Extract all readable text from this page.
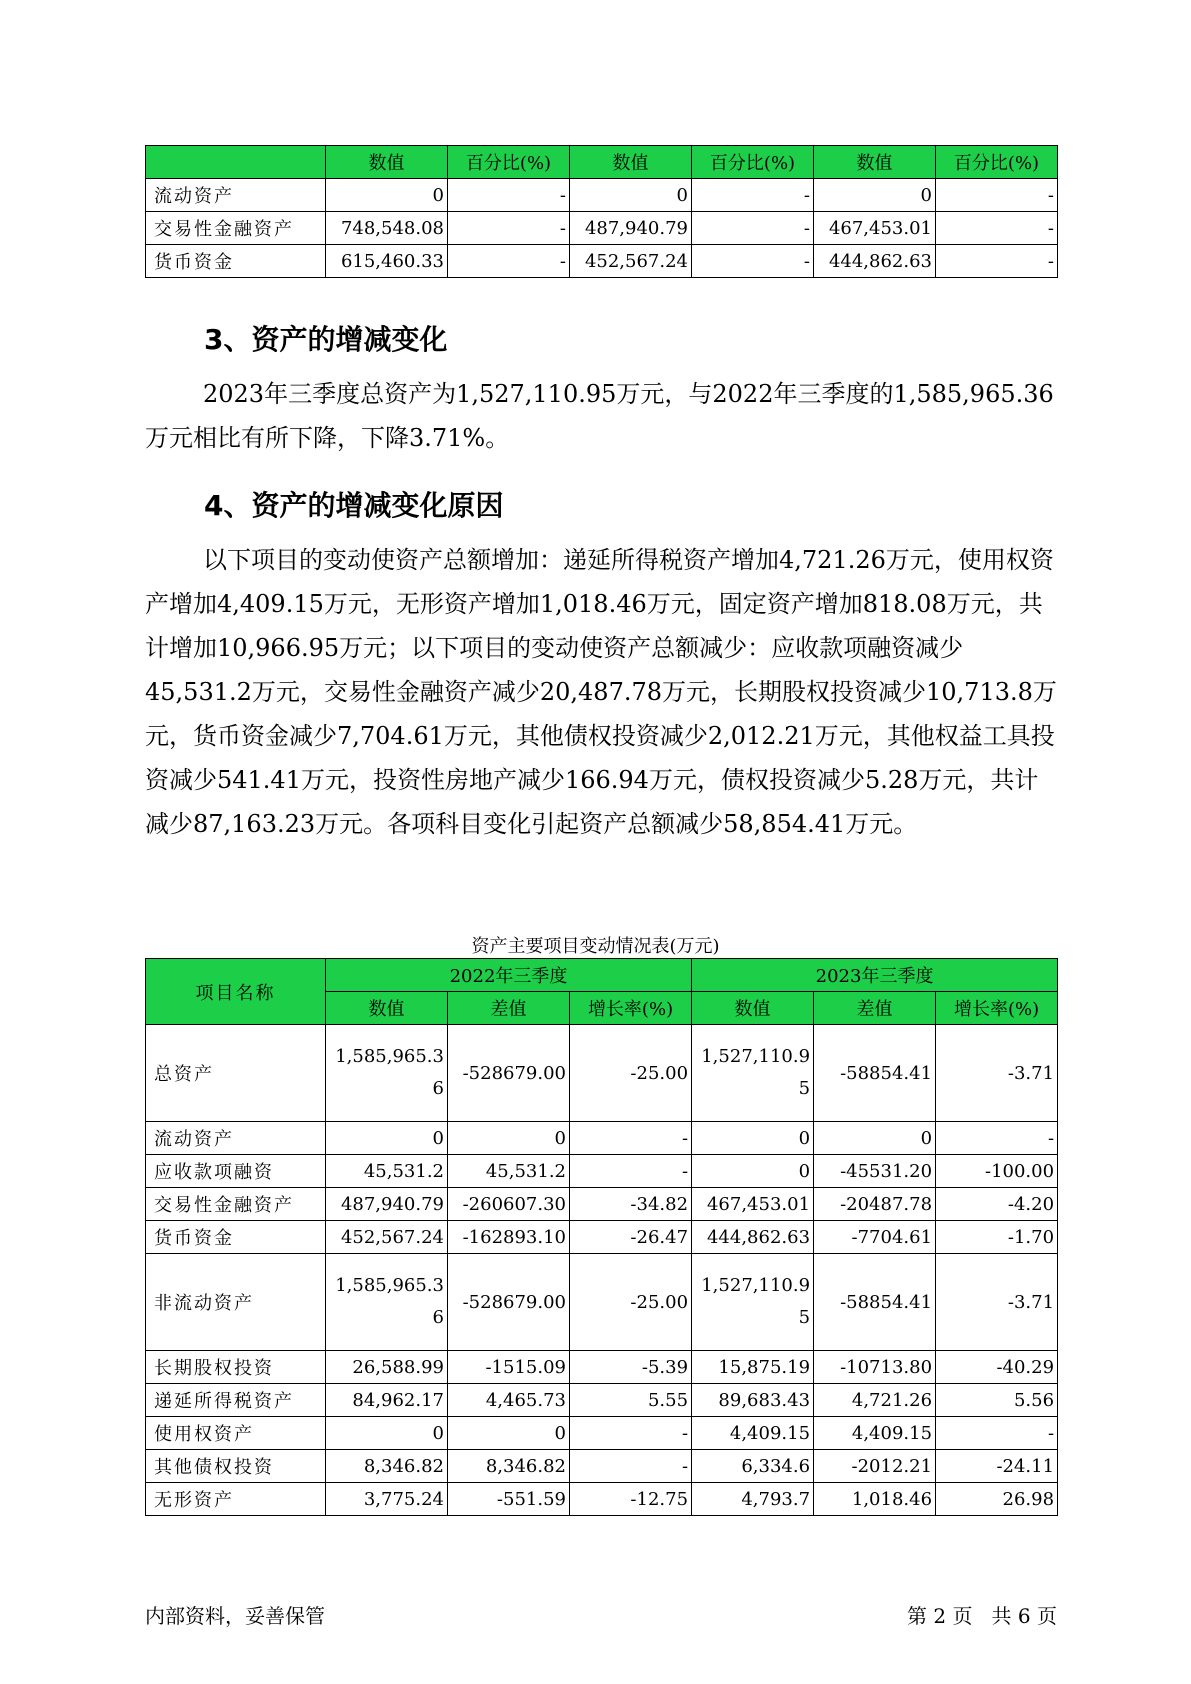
	数值	百分比(%)	数值	百分比(%)	数值	百分比(%)
流动资产	0	-	0	-	0	-
交易性金融资产	748,548.08	-	487,940.79	-	467,453.01	-
货币资金	615,460.33	-	452,567.24	-	444,862.63	-
3、资产的增减变化

2023年三季度总资产为1,527,110.95万元，与2022年三季度的1,585,965.36万元相比有所下降，下降3.71%。

4、资产的增减变化原因

以下项目的变动使资产总额增加：递延所得税资产增加4,721.26万元，使用权资产增加4,409.15万元，无形资产增加1,018.46万元，固定资产增加818.08万元，共计增加10,966.95万元；以下项目的变动使资产总额减少：应收款项融资减少45,531.2万元，交易性金融资产减少20,487.78万元，长期股权投资减少10,713.8万元，货币资金减少7,704.61万元，其他债权投资减少2,012.21万元，其他权益工具投资减少541.41万元，投资性房地产减少166.94万元，债权投资减少5.28万元，共计减少87,163.23万元。各项科目变化引起资产总额减少58,854.41万元。

资产主要项目变动情况表(万元)
项目名称	2022年三季度			2023年三季度		
	数值	差值	增长率(%)	数值	差值	增长率(%)
总资产	1,585,965.36	-528679.00	-25.00	1,527,110.95	-58854.41	-3.71
流动资产	0	0	-	0	0	-
应收款项融资	45,531.2	45,531.2	-	0	-45531.20	-100.00
交易性金融资产	487,940.79	-260607.30	-34.82	467,453.01	-20487.78	-4.20
货币资金	452,567.24	-162893.10	-26.47	444,862.63	-7704.61	-1.70
非流动资产	1,585,965.36	-528679.00	-25.00	1,527,110.95	-58854.41	-3.71
长期股权投资	26,588.99	-1515.09	-5.39	15,875.19	-10713.80	-40.29
递延所得税资产	84,962.17	4,465.73	5.55	89,683.43	4,721.26	5.56
使用权资产	0	0	-	4,409.15	4,409.15	-
其他债权投资	8,346.82	8,346.82	-	6,334.6	-2012.21	-24.11
无形资产	3,775.24	-551.59	-12.75	4,793.7	1,018.46	26.98
内部资料，妥善保管	第 2 页   共 6 页
